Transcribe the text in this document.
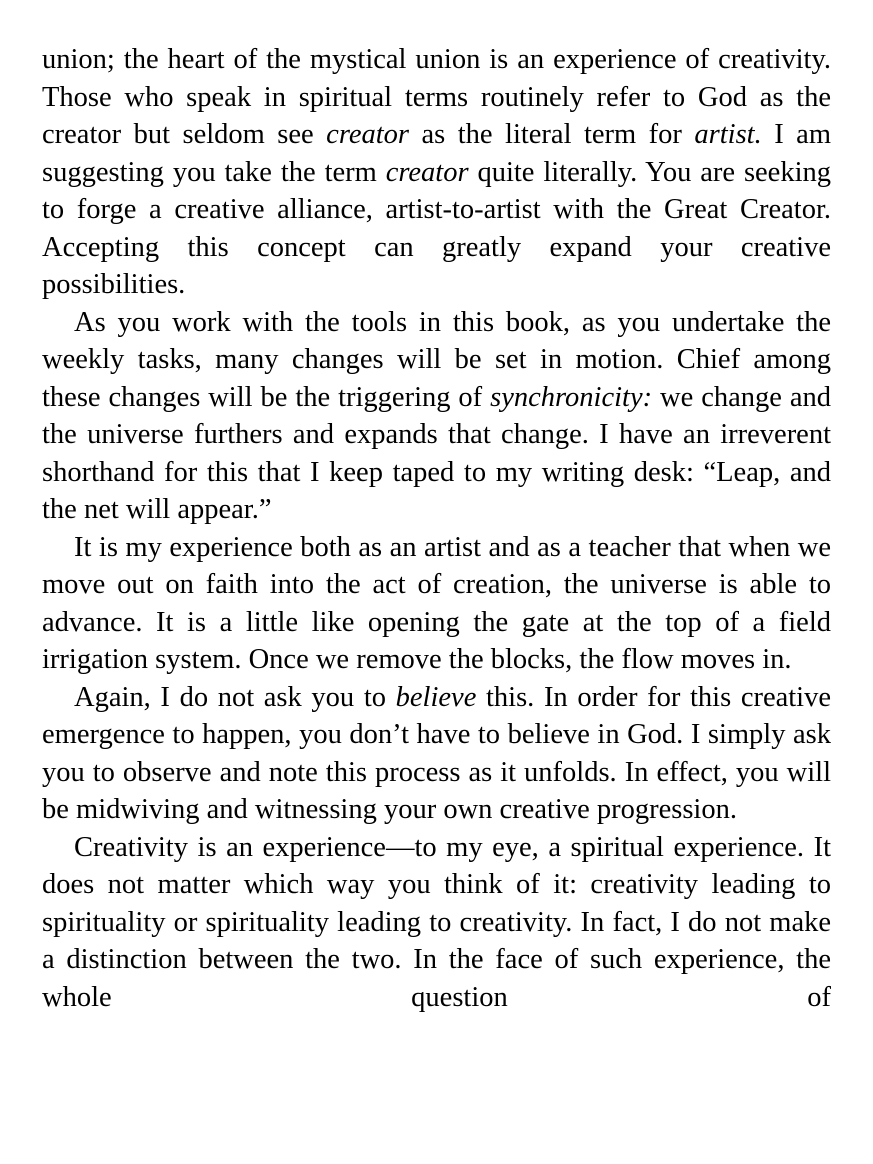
union; the heart of the mystical union is an experience of creativity. Those who speak in spiritual terms routinely refer to God as the creator but seldom see creator as the literal term for artist. I am suggesting you take the term creator quite literally. You are seeking to forge a creative alliance, artist-to-artist with the Great Creator. Accepting this concept can greatly expand your creative possibilities.

As you work with the tools in this book, as you undertake the weekly tasks, many changes will be set in motion. Chief among these changes will be the triggering of synchronicity: we change and the universe furthers and expands that change. I have an irreverent shorthand for this that I keep taped to my writing desk: “Leap, and the net will appear.”

It is my experience both as an artist and as a teacher that when we move out on faith into the act of creation, the universe is able to advance. It is a little like opening the gate at the top of a field irrigation system. Once we remove the blocks, the flow moves in.

Again, I do not ask you to believe this. In order for this creative emergence to happen, you don’t have to believe in God. I simply ask you to observe and note this process as it unfolds. In effect, you will be midwiving and witnessing your own creative progression.

Creativity is an experience—to my eye, a spiritual experience. It does not matter which way you think of it: creativity leading to spirituality or spirituality leading to creativity. In fact, I do not make a distinction between the two. In the face of such experience, the whole question of
